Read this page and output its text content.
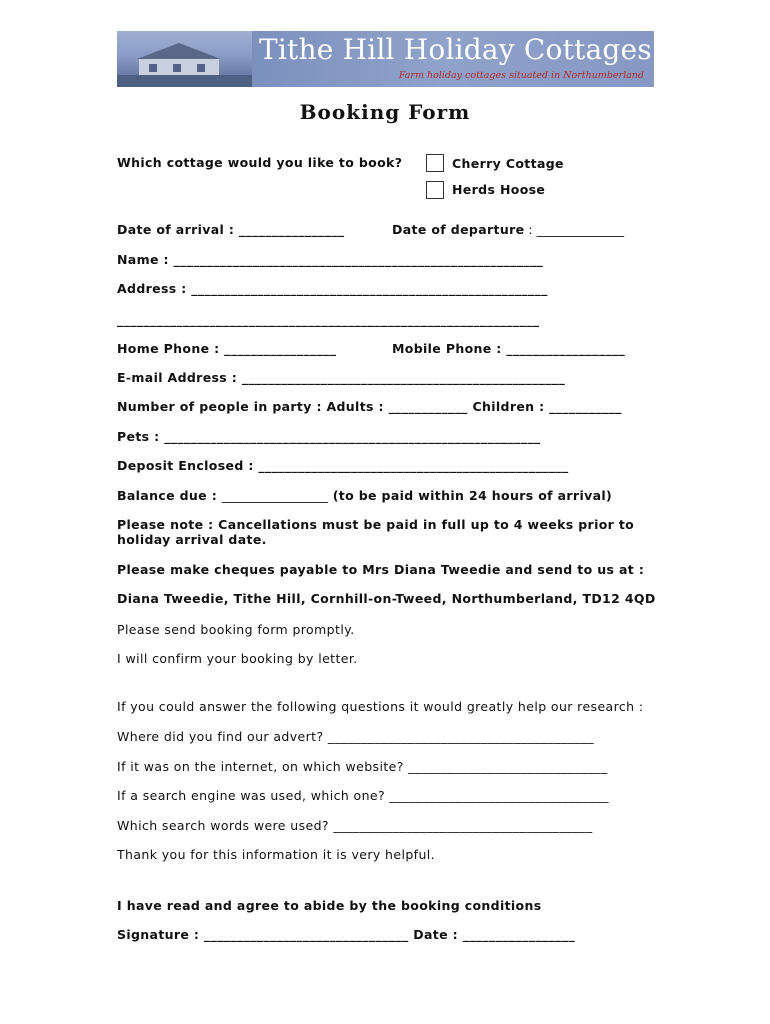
Tithe Hill Holiday Cottages
Farm holiday cottages situated in Northumberland
Booking Form
Which cottage would you like to book?	Cherry Cottage
Herds Hoose
Date of arrival : ________________	Date of departure : ______________
Name : ________________________________________________________
Address : ______________________________________________________
________________________________________________________________
Home Phone : _________________	Mobile Phone : __________________
E-mail Address : _________________________________________________
Number of people in party : Adults : ____________ Children : ___________
Pets : _________________________________________________________
Deposit Enclosed : _______________________________________________
Balance due : _________________ (to be paid within 24 hours of arrival)
Please note : Cancellations must be paid in full up to 4 weeks prior to
holiday arrival date.
Please make cheques payable to Mrs Diana Tweedie and send to us at :
Diana Tweedie, Tithe Hill, Cornhill-on-Tweed, Northumberland, TD12 4QD
Please send booking form promptly.
I will confirm your booking by letter.
If you could answer the following questions it would greatly help our research :
Where did you find our advert? ________________________________________
If it was on the internet, on which website? ______________________________
If a search engine was used, which one? _________________________________
Which search words were used? _______________________________________
Thank you for this information it is very helpful.
I have read and agree to abide by the booking conditions
Signature : _______________________________ Date : _________________
